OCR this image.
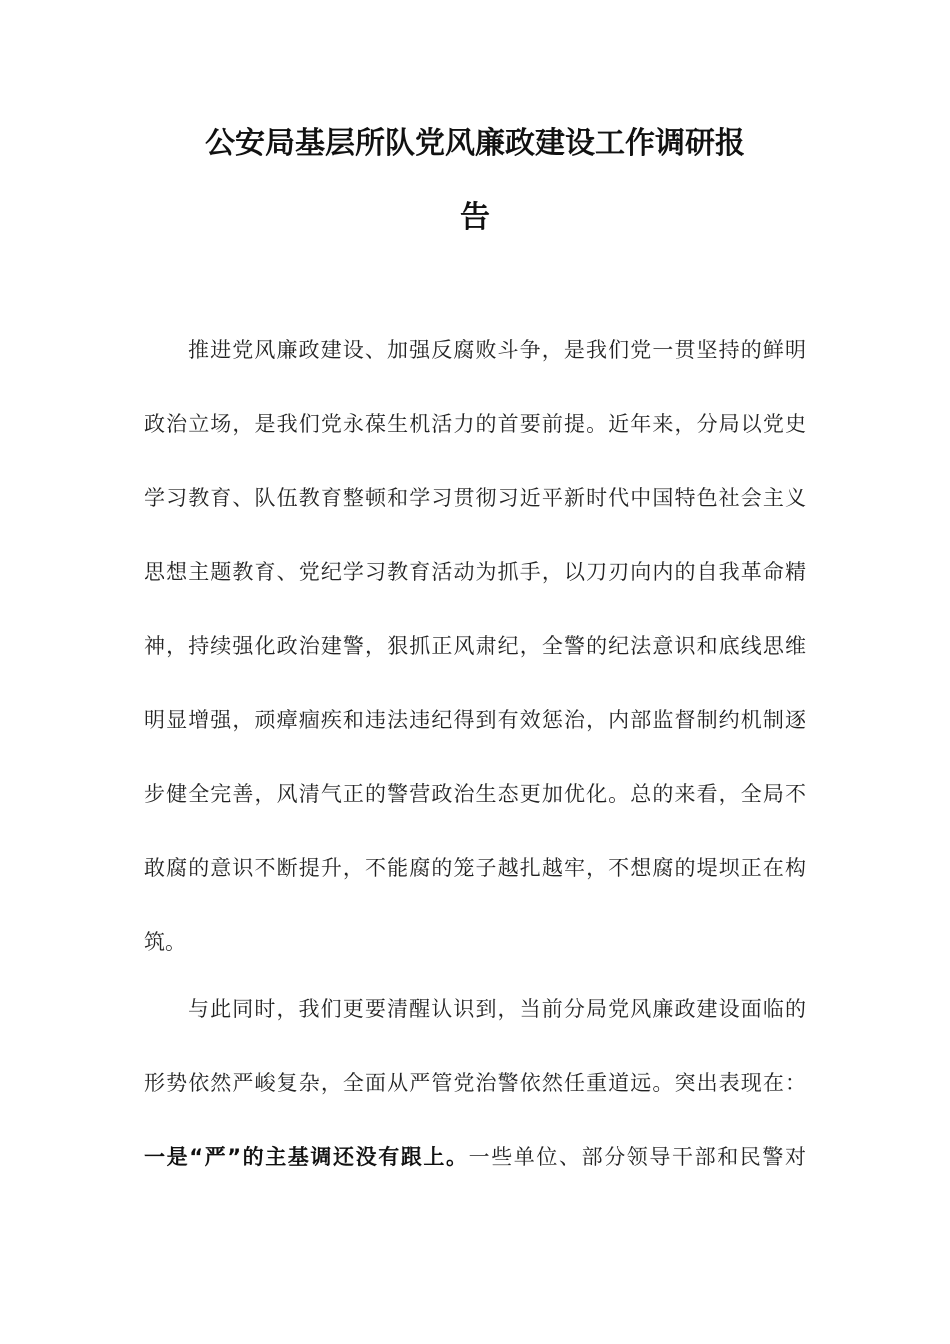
公安局基层所队党风廉政建设工作调研报
告
推进党风廉政建设、加强反腐败斗争，是我们党一贯坚持的鲜明
政治立场，是我们党永葆生机活力的首要前提。近年来，分局以党史
学习教育、队伍教育整顿和学习贯彻习近平新时代中国特色社会主义
思想主题教育、党纪学习教育活动为抓手，以刀刃向内的自我革命精
神，持续强化政治建警，狠抓正风肃纪，全警的纪法意识和底线思维
明显增强，顽瘴痼疾和违法违纪得到有效惩治，内部监督制约机制逐
步健全完善，风清气正的警营政治生态更加优化。总的来看，全局不
敢腐的意识不断提升，不能腐的笼子越扎越牢，不想腐的堤坝正在构
筑。
与此同时，我们更要清醒认识到，当前分局党风廉政建设面临的
形势依然严峻复杂，全面从严管党治警依然任重道远。突出表现在：
一是“严”的主基调还没有跟上。一些单位、部分领导干部和民警对
